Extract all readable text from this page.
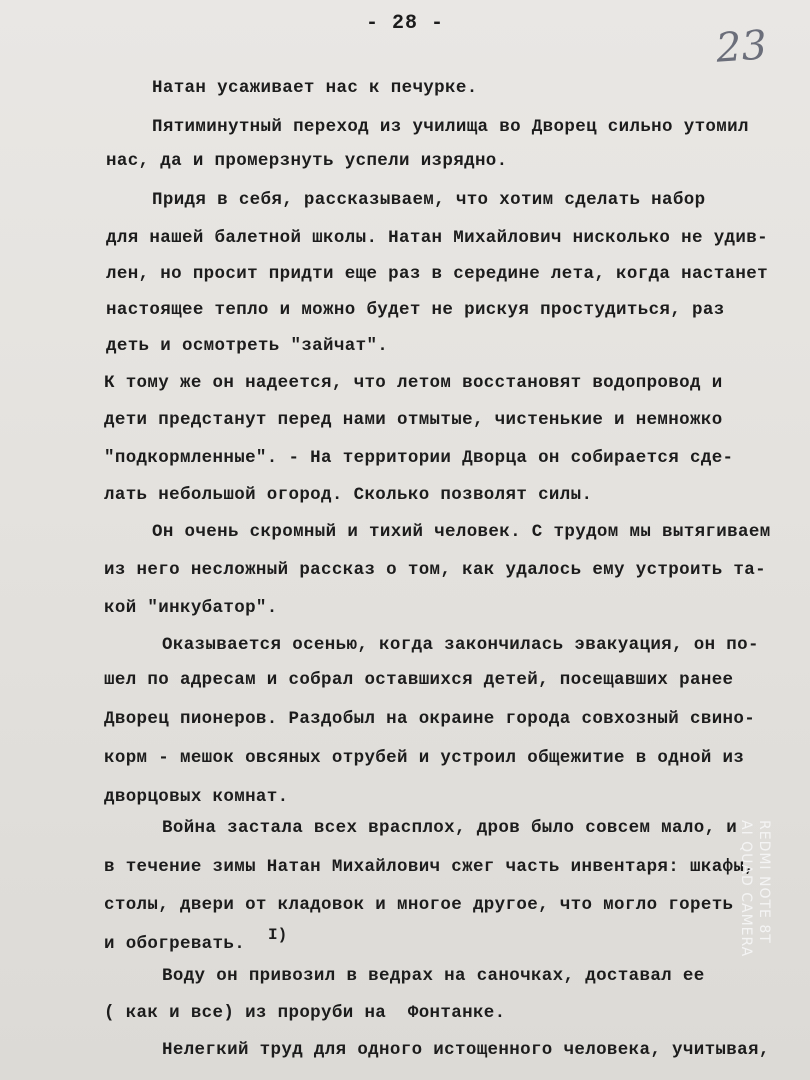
- 28 -	23
Натан усаживает нас к печурке.
Пятиминутный переход из училища во Дворец сильно утомил
нас, да и промерзнуть успели изрядно.
Придя в себя, рассказываем, что хотим сделать набор
для нашей балетной школы. Натан Михайлович нисколько не удив-
лен, но просит придти еще раз в середине лета, когда настанет
настоящее тепло и можно будет не рискуя простудиться, раз
деть и осмотреть "зайчат".
К тому же он надеется, что летом восстановят водопровод и
дети предстанут перед нами отмытые, чистенькие и немножко
"подкормленные". - На территории Дворца он собирается сде-
лать небольшой огород. Сколько позволят силы.
Он очень скромный и тихий человек. С трудом мы вытягиваем
из него несложный рассказ о том, как удалось ему устроить та-
кой "инкубатор".
Оказывается осенью, когда закончилась эвакуация, он по-
шел по адресам и собрал оставшихся детей, посещавших ранее
Дворец пионеров. Раздобыл на окраине города совхозный свино-
корм - мешок овсяных отрубей и устроил общежитие в одной из
дворцовых комнат.
Война застала всех врасплох, дров было совсем мало, и
в течение зимы Натан Михайлович сжег часть инвентаря: шкафы,
столы, двери от кладовок и многое другое, что могло гореть
и обогревать. I)
Воду он привозил в ведрах на саночках, доставал ее
( как и все) из проруби на  Фонтанке.
Нелегкий труд для одного истощенного человека, учитывая,
REDMI NOTE 8T
AI QUAD CAMERA
